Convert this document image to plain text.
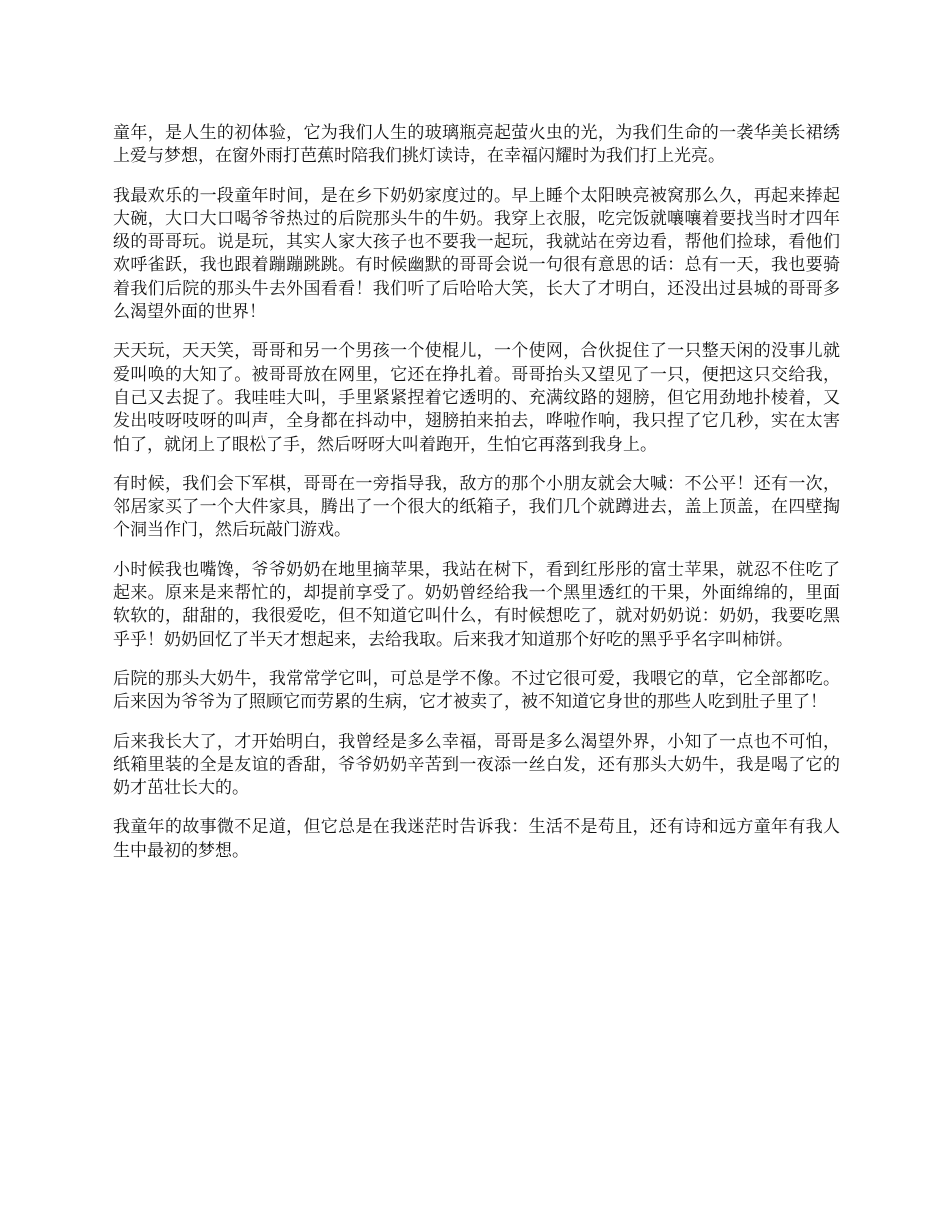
童年，是人生的初体验，它为我们人生的玻璃瓶亮起萤火虫的光，为我们生命的一袭华美长裙绣上爱与梦想，在窗外雨打芭蕉时陪我们挑灯读诗，在幸福闪耀时为我们打上光亮。

我最欢乐的一段童年时间，是在乡下奶奶家度过的。早上睡个太阳映亮被窝那么久，再起来捧起大碗，大口大口喝爷爷热过的后院那头牛的牛奶。我穿上衣服，吃完饭就嚷嚷着要找当时才四年级的哥哥玩。说是玩，其实人家大孩子也不要我一起玩，我就站在旁边看，帮他们捡球，看他们欢呼雀跃，我也跟着蹦蹦跳跳。有时候幽默的哥哥会说一句很有意思的话：总有一天，我也要骑着我们后院的那头牛去外国看看！我们听了后哈哈大笑，长大了才明白，还没出过县城的哥哥多么渴望外面的世界！

天天玩，天天笑，哥哥和另一个男孩一个使棍儿，一个使网，合伙捉住了一只整天闲的没事儿就爱叫唤的大知了。被哥哥放在网里，它还在挣扎着。哥哥抬头又望见了一只，便把这只交给我，自己又去捉了。我哇哇大叫，手里紧紧捏着它透明的、充满纹路的翅膀，但它用劲地扑棱着，又发出吱呀吱呀的叫声，全身都在抖动中，翅膀拍来拍去，哗啦作响，我只捏了它几秒，实在太害怕了，就闭上了眼松了手，然后呀呀大叫着跑开，生怕它再落到我身上。

有时候，我们会下军棋，哥哥在一旁指导我，敌方的那个小朋友就会大喊：不公平！还有一次，邻居家买了一个大件家具，腾出了一个很大的纸箱子，我们几个就蹲进去，盖上顶盖，在四壁掏个洞当作门，然后玩敲门游戏。

小时候我也嘴馋，爷爷奶奶在地里摘苹果，我站在树下，看到红彤彤的富士苹果，就忍不住吃了起来。原来是来帮忙的，却提前享受了。奶奶曾经给我一个黑里透红的干果，外面绵绵的，里面软软的，甜甜的，我很爱吃，但不知道它叫什么，有时候想吃了，就对奶奶说：奶奶，我要吃黑乎乎！奶奶回忆了半天才想起来，去给我取。后来我才知道那个好吃的黑乎乎名字叫柿饼。

后院的那头大奶牛，我常常学它叫，可总是学不像。不过它很可爱，我喂它的草，它全部都吃。后来因为爷爷为了照顾它而劳累的生病，它才被卖了，被不知道它身世的那些人吃到肚子里了！

后来我长大了，才开始明白，我曾经是多么幸福，哥哥是多么渴望外界，小知了一点也不可怕，纸箱里装的全是友谊的香甜，爷爷奶奶辛苦到一夜添一丝白发，还有那头大奶牛，我是喝了它的奶才茁壮长大的。

我童年的故事微不足道，但它总是在我迷茫时告诉我：生活不是苟且，还有诗和远方童年有我人生中最初的梦想。
